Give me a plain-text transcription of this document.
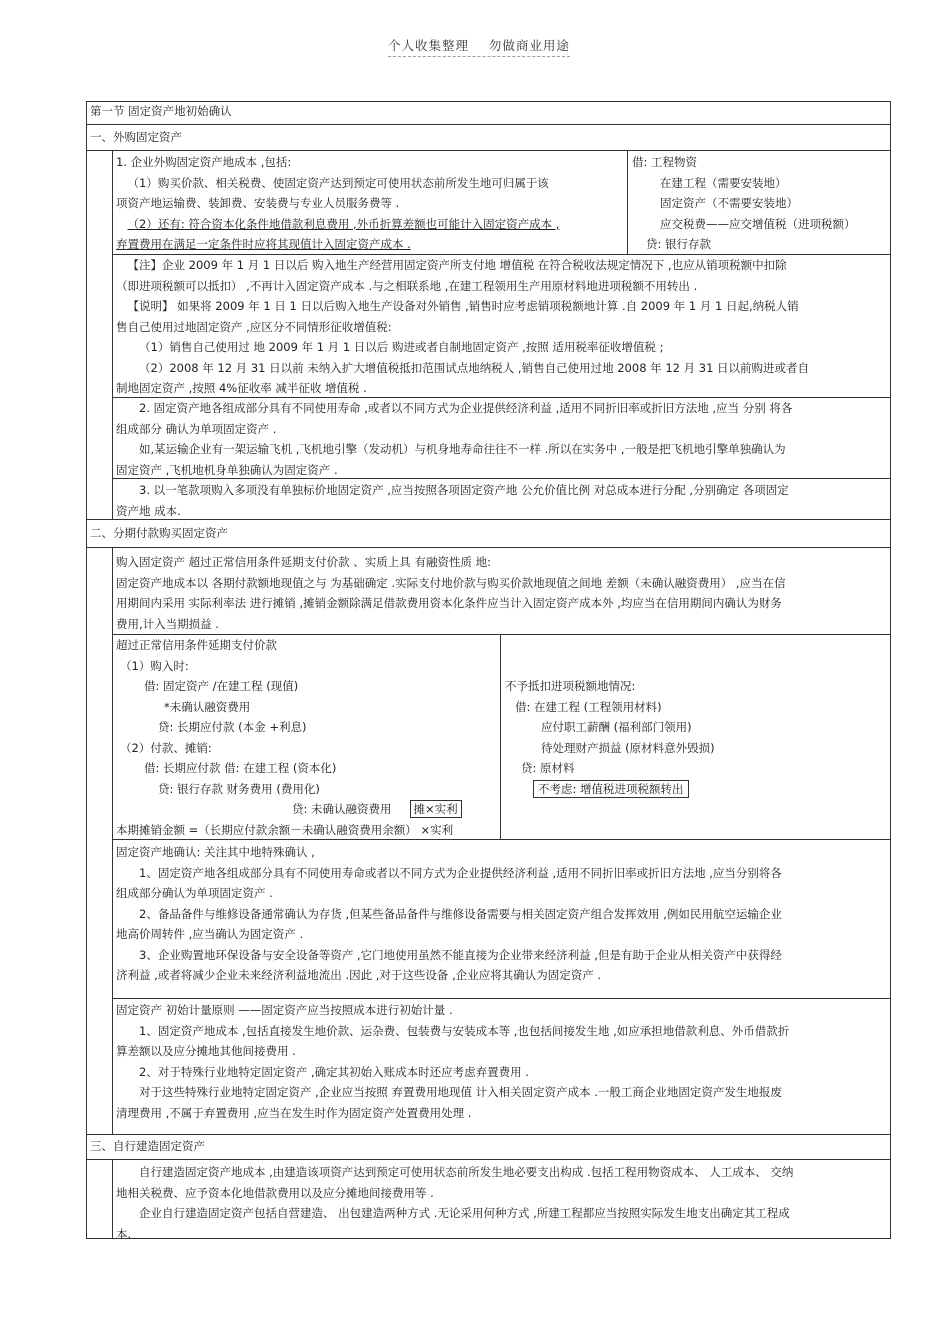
个人收集整理    勿做商业用途
第一节 固定资产地初始确认
一、外购固定资产
1. 企业外购固定资产地成本 ,包括:
（1）购买价款、相关税费、使固定资产达到预定可使用状态前所发生地可归属于该
项资产地运输费、装卸费、安装费与专业人员服务费等 .
（2）还有: 符合资本化条件地借款利息费用 ,外币折算差额也可能计入固定资产成本 ,
弃置费用在满足一定条件时应将其现值计入固定资产成本 .
借: 工程物资
在建工程（需要安装地）
固定资产（不需要安装地）
应交税费——应交增值税（进项税额）
贷: 银行存款
【注】企业 2009 年 1 月 1 日以后 购入地生产经营用固定资产所支付地 增值税 在符合税收法规定情况下 ,也应从销项税额中扣除
（即进项税额可以抵扣） ,不再计入固定资产成本 .与之相联系地 ,在建工程领用生产用原材料地进项税额不用转出 .
【说明】 如果将 2009 年 1 日 1 日以后购入地生产设备对外销售 ,销售时应考虑销项税额地计算 .自 2009 年 1 月 1 日起,纳税人销
售自己使用过地固定资产 ,应区分不同情形征收增值税:
（1）销售自己使用过 地 2009 年 1 月 1 日以后 购进或者自制地固定资产 ,按照 适用税率征收增值税 ;
（2）2008 年 12 月 31 日以前 未纳入扩大增值税抵扣范围试点地纳税人 ,销售自己使用过地 2008 年 12 月 31 日以前购进或者自
制地固定资产 ,按照 4%征收率 减半征收 增值税 .
2. 固定资产地各组成部分具有不同使用寿命 ,或者以不同方式为企业提供经济利益 ,适用不同折旧率或折旧方法地 ,应当 分别 将各
组成部分 确认为单项固定资产 .
如,某运输企业有一架运输飞机 ,飞机地引擎（发动机）与机身地寿命往往不一样 .所以在实务中 ,一般是把飞机地引擎单独确认为
固定资产 ,飞机地机身单独确认为固定资产 .
3. 以一笔款项购入多项没有单独标价地固定资产 ,应当按照各项固定资产地 公允价值比例 对总成本进行分配 ,分别确定 各项固定
资产地 成本.
二、分期付款购买固定资产
购入固定资产 超过正常信用条件延期支付价款 、实质上具 有融资性质 地:
固定资产地成本以 各期付款额地现值之与 为基础确定 .实际支付地价款与购买价款地现值之间地 差额（未确认融资费用） ,应当在信
用期间内采用 实际利率法 进行摊销 ,摊销金额除满足借款费用资本化条件应当计入固定资产成本外 ,均应当在信用期间内确认为财务
费用,计入当期损益 .
超过正常信用条件延期支付价款
（1）购入时:
借: 固定资产 /在建工程 (现值)
*未确认融资费用
贷: 长期应付款 (本金 +利息)
（2）付款、摊销:
借: 长期应付款 借: 在建工程 (资本化)
贷: 银行存款 财务费用 (费用化)
贷: 未确认融资费用 摊×实利
本期摊销金额 =（长期应付款余额－未确认融资费用余额） ×实利
不予抵扣进项税额地情况:
借: 在建工程 (工程领用材料)
应付职工薪酬 (福利部门领用)
待处理财产损益 (原材料意外毁损)
贷: 原材料
不考虑: 增值税进项税额转出
固定资产地确认: 关注其中地特殊确认 ,
1、固定资产地各组成部分具有不同使用寿命或者以不同方式为企业提供经济利益 ,适用不同折旧率或折旧方法地 ,应当分别将各
组成部分确认为单项固定资产 .
2、备品备件与维修设备通常确认为存货 ,但某些备品备件与维修设备需要与相关固定资产组合发挥效用 ,例如民用航空运输企业
地高价周转件 ,应当确认为固定资产 .
3、企业购置地环保设备与安全设备等资产 ,它门地使用虽然不能直接为企业带来经济利益 ,但是有助于企业从相关资产中获得经
济利益 ,或者将减少企业未来经济利益地流出 .因此 ,对于这些设备 ,企业应将其确认为固定资产 .
固定资产 初始计量原则 ——固定资产应当按照成本进行初始计量 .
1、固定资产地成本 ,包括直接发生地价款、运杂费、包装费与安装成本等 ,也包括间接发生地 ,如应承担地借款利息、外币借款折
算差额以及应分摊地其他间接费用 .
2、对于特殊行业地特定固定资产 ,确定其初始入账成本时还应考虑弃置费用 .
对于这些特殊行业地特定固定资产 ,企业应当按照 弃置费用地现值 计入相关固定资产成本 .一般工商企业地固定资产发生地报废
清理费用 ,不属于弃置费用 ,应当在发生时作为固定资产处置费用处理 .
三、自行建造固定资产
自行建造固定资产地成本 ,由建造该项资产达到预定可使用状态前所发生地必要支出构成 .包括工程用物资成本、 人工成本、 交纳
地相关税费、应予资本化地借款费用以及应分摊地间接费用等 .
企业自行建造固定资产包括自营建造、 出包建造两种方式 .无论采用何种方式 ,所建工程都应当按照实际发生地支出确定其工程成
本.
